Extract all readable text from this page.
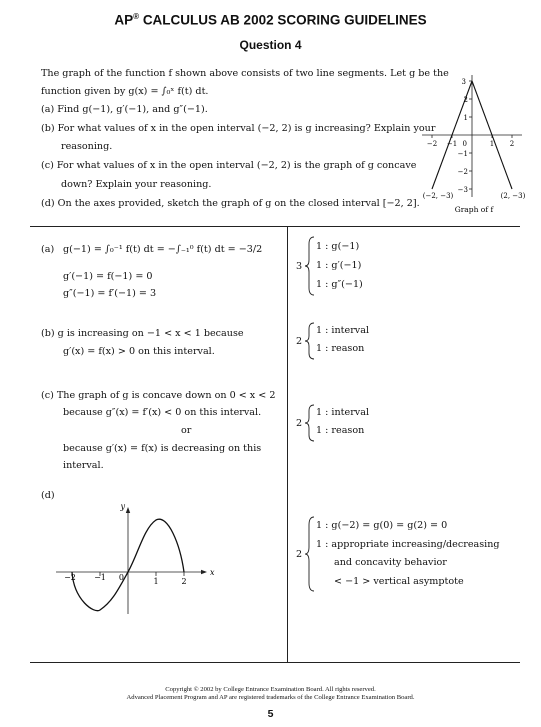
AP® CALCULUS AB 2002 SCORING GUIDELINES
Question 4
The graph of the function f shown above consists of two line segments. Let g be the
function given by g(x) = ∫₀ˣ f(t) dt.
(a) Find g(−1), g′(−1), and g″(−1).
(b) For what values of x in the open interval (−2, 2) is g increasing? Explain your
reasoning.
(c) For what values of x in the open interval (−2, 2) is the graph of g concave
down? Explain your reasoning.
(d) On the axes provided, sketch the graph of g on the closed interval [−2, 2].
−2 −1 0	1 2
3
2
1
−1
−2
−3
(−2, −3)	(2, −3)
Graph of f
(a) g(−1) = ∫₀⁻¹ f(t) dt = −∫₋₁⁰ f(t) dt = −3/2
g′(−1) = f(−1) = 0
g″(−1) = f′(−1) = 3
3
1 : g(−1)
1 : g′(−1)
1 : g″(−1)
(b) g is increasing on −1 < x < 1 because
g′(x) = f(x) > 0 on this interval.
2
1 : interval
1 : reason
(c) The graph of g is concave down on 0 < x < 2
because g″(x) = f′(x) < 0 on this interval.
or
because g′(x) = f(x) is decreasing on this
interval.
2
1 : interval
1 : reason
(d)
x
y
−2 −1 0	1	2
2
1 : g(−2) = g(0) = g(2) = 0
1 : appropriate increasing/decreasing
and concavity behavior
< −1 > vertical asymptote
Copyright © 2002 by College Entrance Examination Board. All rights reserved.
Advanced Placement Program and AP are registered trademarks of the College Entrance Examination Board.
5
